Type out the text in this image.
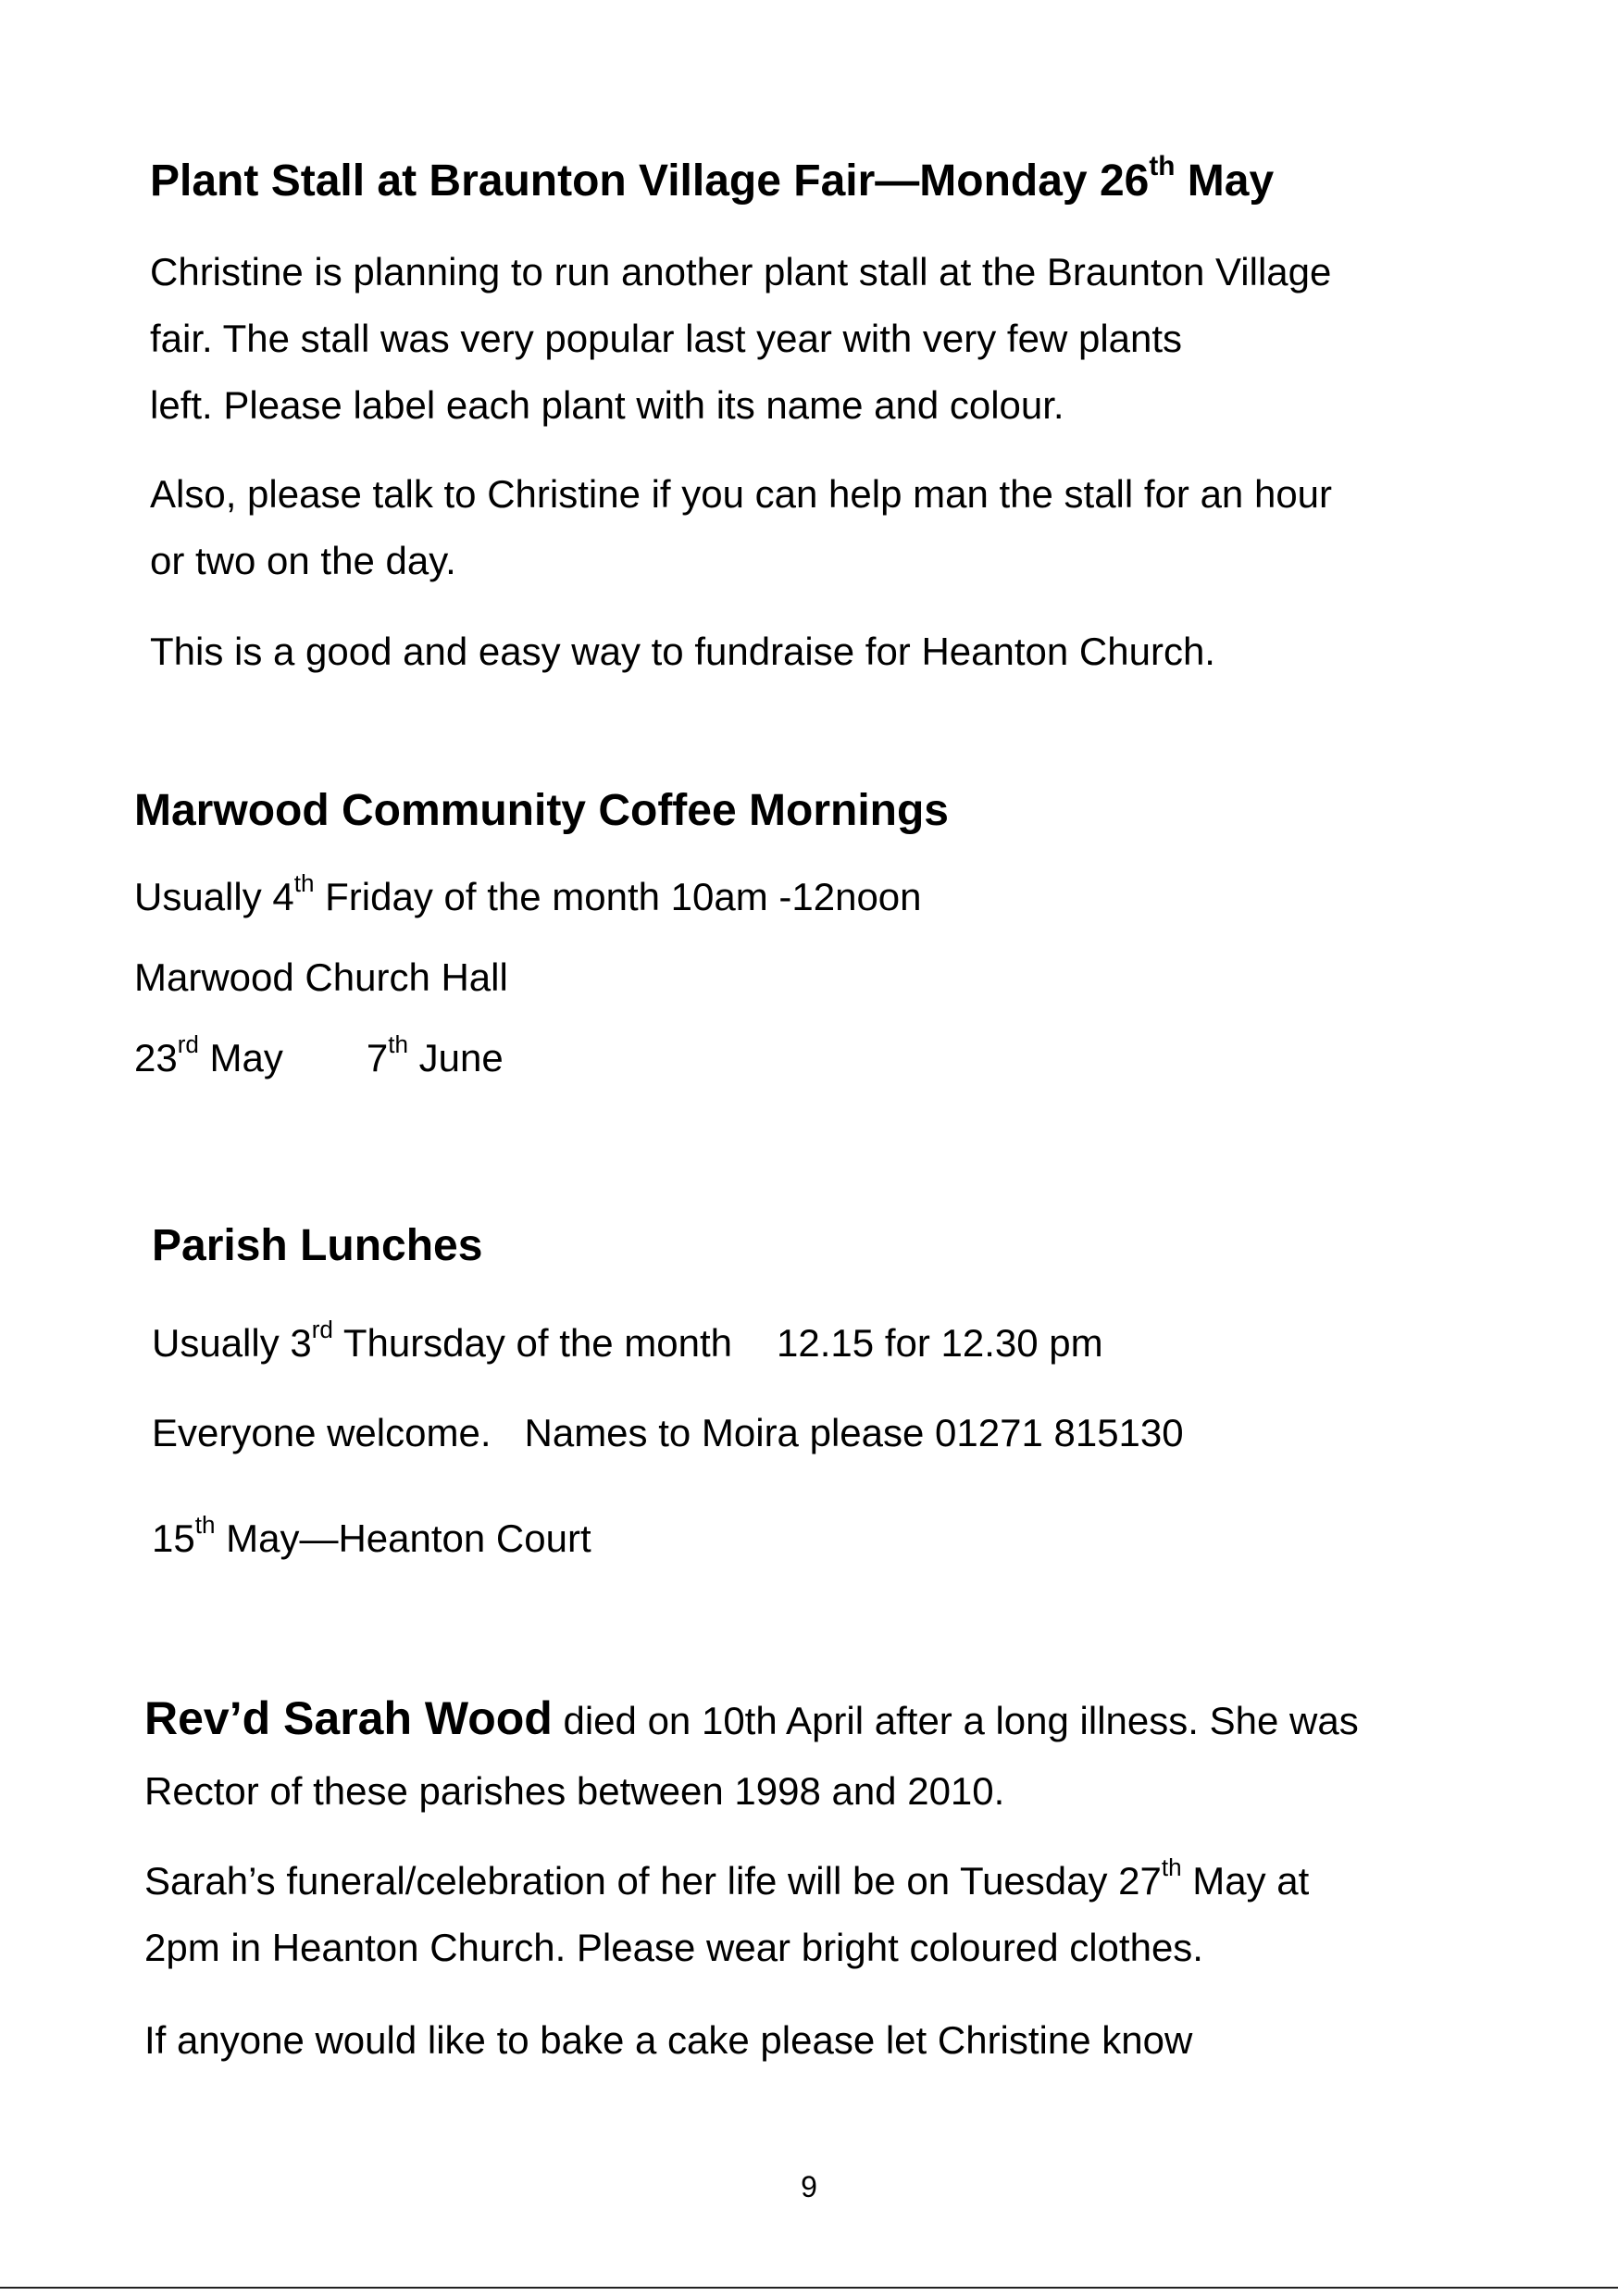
Plant Stall at Braunton Village Fair—Monday 26th May
Christine is planning to run another plant stall at the Braunton Village
fair. The stall was very popular last year with very few plants
left. Please label each plant with its name and colour.
Also, please talk to Christine if you can help man the stall for an hour
or two on the day.
This is a good and easy way to fundraise for Heanton Church.
Marwood Community Coffee Mornings
Usually 4th Friday of the month 10am -12noon
Marwood Church Hall
23rd May 7th June
Parish Lunches
Usually 3rd Thursday of the month 12.15 for 12.30 pm
Everyone welcome. Names to Moira please 01271 815130
15th May—Heanton Court
Rev’d Sarah Wood died on 10th April after a long illness. She was
Rector of these parishes between 1998 and 2010.
Sarah’s funeral/celebration of her life will be on Tuesday 27th May at
2pm in Heanton Church. Please wear bright coloured clothes.
If anyone would like to bake a cake please let Christine know
9
